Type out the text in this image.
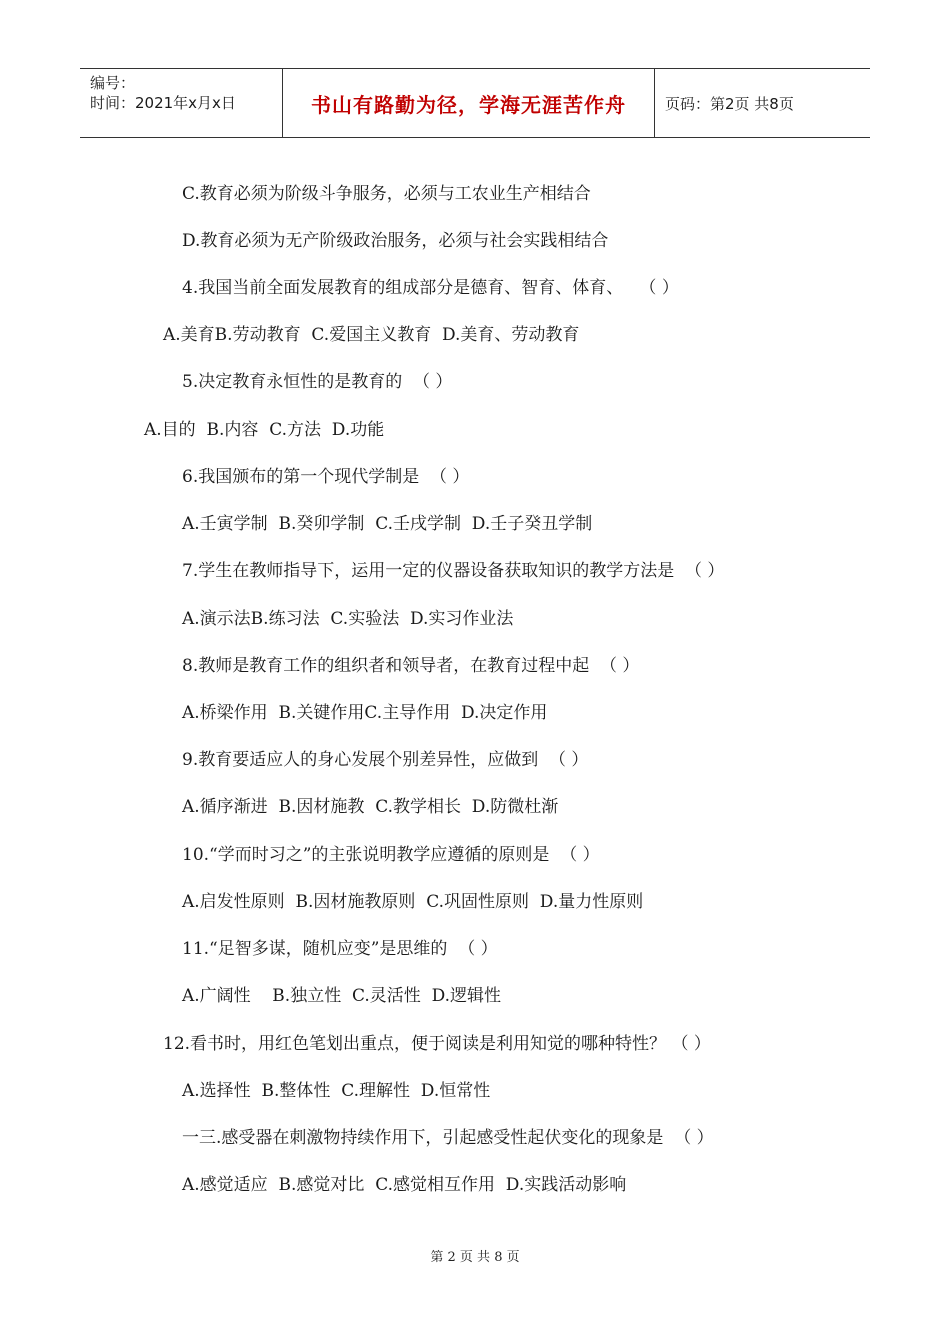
编号：
时间：2021年x月x日	书山有路勤为径，学海无涯苦作舟	页码：第2页 共8页
C.教育必须为阶级斗争服务，必须与工农业生产相结合
D.教育必须为无产阶级政治服务，必须与社会实践相结合
4.我国当前全面发展教育的组成部分是德育、智育、体育、   （ ）
A.美育B.劳动教育  C.爱国主义教育  D.美育、劳动教育
5.决定教育永恒性的是教育的  （ ）
A.目的  B.内容  C.方法  D.功能
6.我国颁布的第一个现代学制是  （ ）
A.壬寅学制  B.癸卯学制  C.壬戌学制  D.壬子癸丑学制
7.学生在教师指导下，运用一定的仪器设备获取知识的教学方法是  （ ）
A.演示法B.练习法  C.实验法  D.实习作业法
8.教师是教育工作的组织者和领导者，在教育过程中起  （ ）
A.桥梁作用  B.关键作用C.主导作用  D.决定作用
9.教育要适应人的身心发展个别差异性，应做到  （ ）
A.循序渐进  B.因材施教  C.教学相长  D.防微杜渐
10.“学而时习之”的主张说明教学应遵循的原则是  （ ）
A.启发性原则  B.因材施教原则  C.巩固性原则  D.量力性原则
11.“足智多谋，随机应变”是思维的  （ ）
A.广阔性    B.独立性  C.灵活性  D.逻辑性
12.看书时，用红色笔划出重点，便于阅读是利用知觉的哪种特性？ （ ）
A.选择性  B.整体性  C.理解性  D.恒常性
一三.感受器在刺激物持续作用下，引起感受性起伏变化的现象是  （ ）
A.感觉适应  B.感觉对比  C.感觉相互作用  D.实践活动影响
第 2 页 共 8 页
